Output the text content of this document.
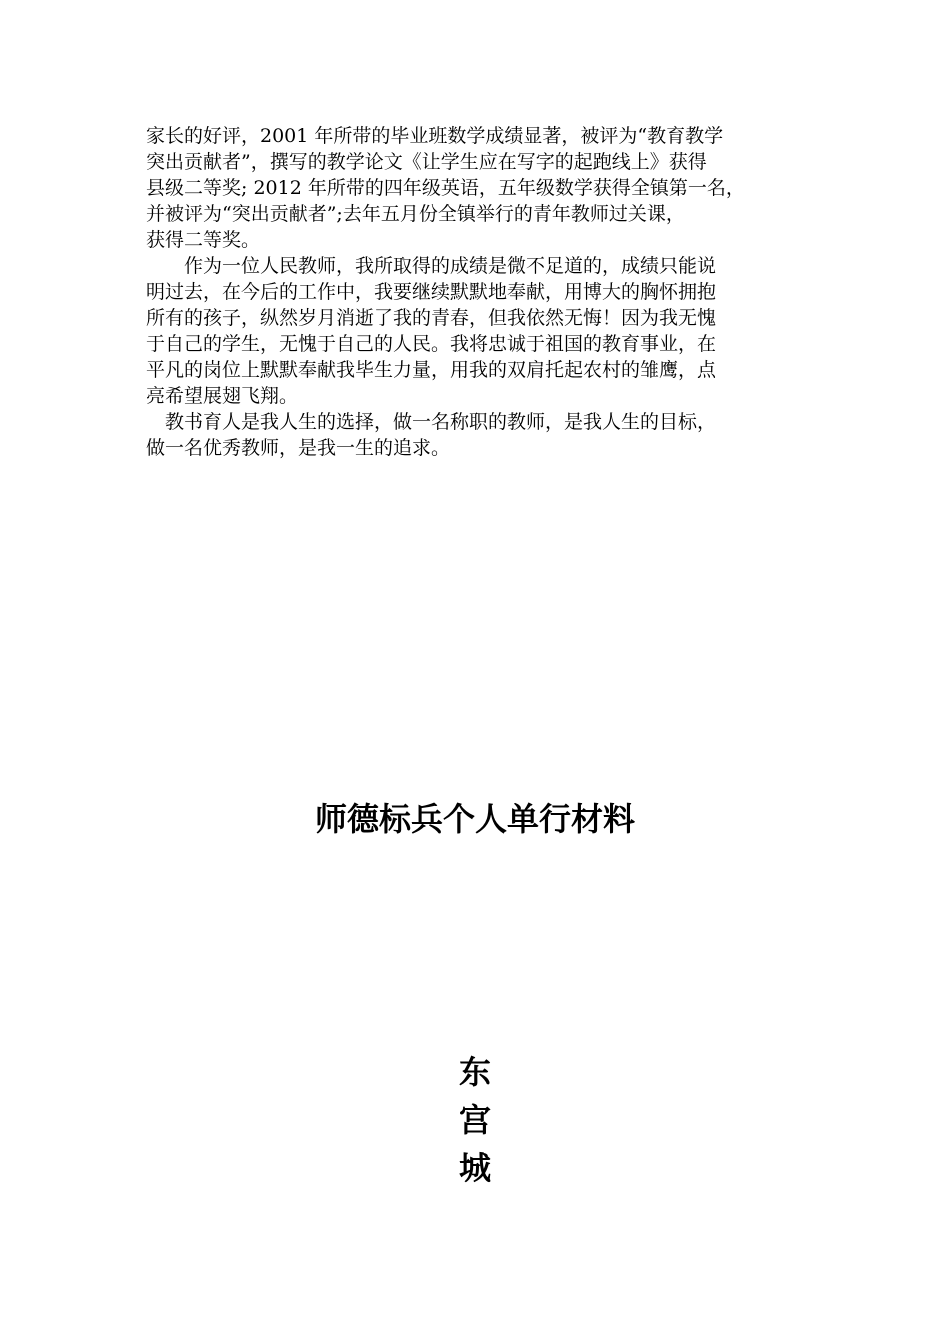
家长的好评，2001 年所带的毕业班数学成绩显著，被评为“教育教学
突出贡献者”，撰写的教学论文《让学生应在写字的起跑线上》获得
县级二等奖; 2012 年所带的四年级英语，五年级数学获得全镇第一名，
并被评为“突出贡献者”;去年五月份全镇举行的青年教师过关课，
获得二等奖。
　　作为一位人民教师，我所取得的成绩是微不足道的，成绩只能说
明过去，在今后的工作中，我要继续默默地奉献，用博大的胸怀拥抱
所有的孩子，纵然岁月消逝了我的青春，但我依然无悔！因为我无愧
于自己的学生，无愧于自己的人民。我将忠诚于祖国的教育事业，在
平凡的岗位上默默奉献我毕生力量，用我的双肩托起农村的雏鹰，点
亮希望展翅飞翔。
　教书育人是我人生的选择，做一名称职的教师，是我人生的目标，
做一名优秀教师，是我一生的追求。
师德标兵个人单行材料
东
宫
城
